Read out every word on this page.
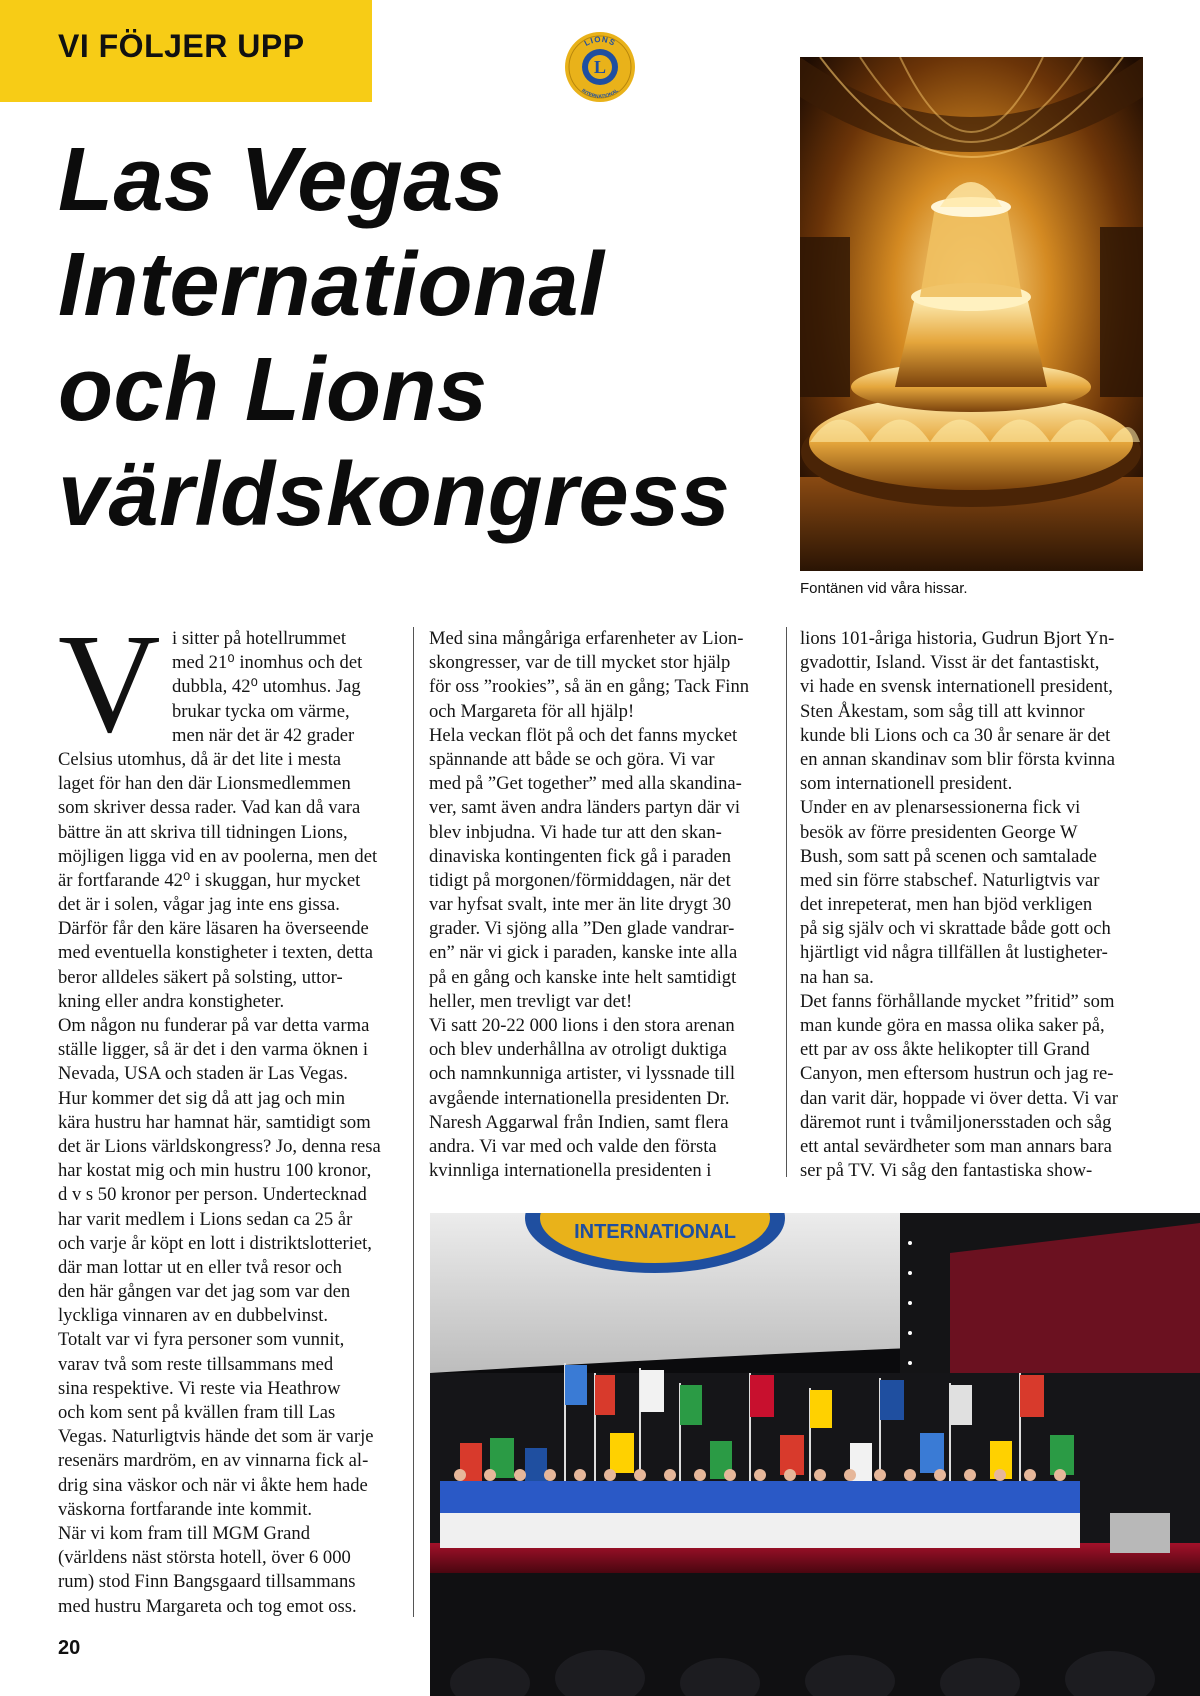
VI FÖLJER UPP
L
LIONS
INTERNATIONAL
Las Vegas
International
och Lions
världskongress
Fontänen vid våra hissar.
V i sitter på hotellrummet
med 21⁰ inomhus och det
dubbla, 42⁰ utomhus. Jag
brukar tycka om värme,
men när det är 42 grader
Celsius utomhus, då är det lite i mesta
laget för han den där Lionsmedlemmen
som skriver dessa rader. Vad kan då vara
bättre än att skriva till tidningen Lions,
möjligen ligga vid en av poolerna, men det
är fortfarande 42⁰ i skuggan, hur mycket
det är i solen, vågar jag inte ens gissa.
Därför får den käre läsaren ha överseende
med eventuella konstigheter i texten, detta
beror alldeles säkert på solsting, uttor-
kning eller andra konstigheter.
Om någon nu funderar på var detta varma
ställe ligger, så är det i den varma öknen i
Nevada, USA och staden är Las Vegas.
Hur kommer det sig då att jag och min
kära hustru har hamnat här, samtidigt som
det är Lions världskongress? Jo, denna resa
har kostat mig och min hustru 100 kronor,
d v s 50 kronor per person. Undertecknad
har varit medlem i Lions sedan ca 25 år
och varje år köpt en lott i distriktslotteriet,
där man lottar ut en eller två resor och
den här gången var det jag som var den
lyckliga vinnaren av en dubbelvinst.
Totalt var vi fyra personer som vunnit,
varav två som reste tillsammans med
sina respektive. Vi reste via Heathrow
och kom sent på kvällen fram till Las
Vegas. Naturligtvis hände det som är varje
resenärs mardröm, en av vinnarna fick al-
drig sina väskor och när vi åkte hem hade
väskorna fortfarande inte kommit.
När vi kom fram till MGM Grand
(världens näst största hotell, över 6 000
rum) stod Finn Bangsgaard tillsammans
med hustru Margareta och tog emot oss.
Med sina mångåriga erfarenheter av Lion-
skongresser, var de till mycket stor hjälp
för oss ”rookies”, så än en gång; Tack Finn
och Margareta för all hjälp!
Hela veckan flöt på och det fanns mycket
spännande att både se och göra. Vi var
med på ”Get together” med alla skandina-
ver, samt även andra länders partyn där vi
blev inbjudna. Vi hade tur att den skan-
dinaviska kontingenten fick gå i paraden
tidigt på morgonen/förmiddagen, när det
var hyfsat svalt, inte mer än lite drygt 30
grader. Vi sjöng alla ”Den glade vandrar-
en” när vi gick i paraden, kanske inte alla
på en gång och kanske inte helt samtidigt
heller, men trevligt var det!
Vi satt 20-22 000 lions i den stora arenan
och blev underhållna av otroligt duktiga
och namnkunniga artister, vi lyssnade till
avgående internationella presidenten Dr.
Naresh Aggarwal från Indien, samt flera
andra. Vi var med och valde den första
kvinnliga internationella presidenten i
lions 101-åriga historia, Gudrun Bjort Yn-
gvadottir, Island. Visst är det fantastiskt,
vi hade en svensk internationell president,
Sten Åkestam, som såg till att kvinnor
kunde bli Lions och ca 30 år senare är det
en annan skandinav som blir första kvinna
som internationell president.
Under en av plenarsessionerna fick vi
besök av förre presidenten George W
Bush, som satt på scenen och samtalade
med sin förre stabschef. Naturligtvis var
det inrepeterat, men han bjöd verkligen
på sig själv och vi skrattade både gott och
hjärtligt vid några tillfällen åt lustigheter-
na han sa.
Det fanns förhållande mycket ”fritid” som
man kunde göra en massa olika saker på,
ett par av oss åkte helikopter till Grand
Canyon, men eftersom hustrun och jag re-
dan varit där, hoppade vi över detta. Vi var
däremot runt i tvåmiljonersstaden och såg
ett antal sevärdheter som man annars bara
ser på TV. Vi såg den fantastiska show-
INTERNATIONAL
20
